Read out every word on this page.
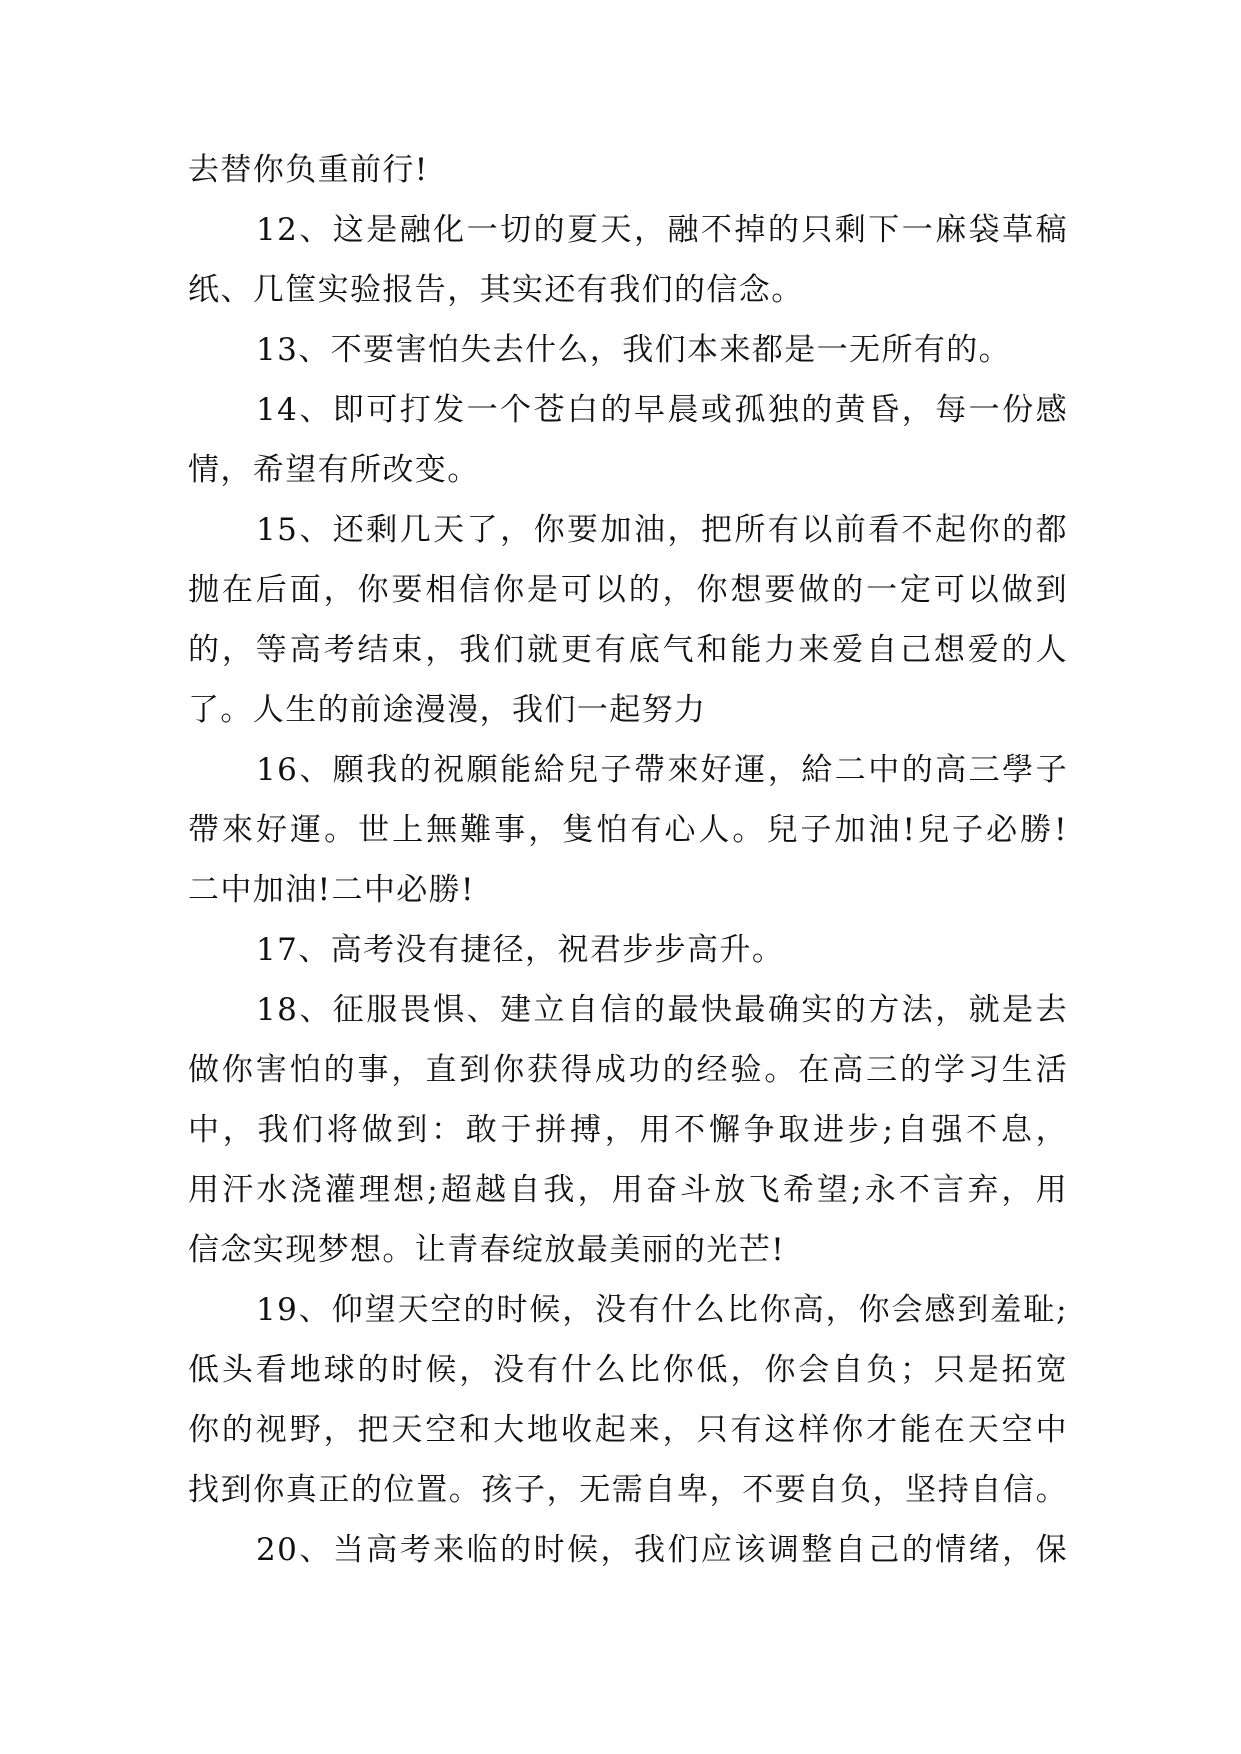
去替你负重前行!
12、这是融化一切的夏天，融不掉的只剩下一麻袋草稿
纸、几筐实验报告，其实还有我们的信念。
13、不要害怕失去什么，我们本来都是一无所有的。
14、即可打发一个苍白的早晨或孤独的黄昏，每一份感
情，希望有所改变。
15、还剩几天了，你要加油，把所有以前看不起你的都
抛在后面，你要相信你是可以的，你想要做的一定可以做到
的，等高考结束，我们就更有底气和能力来爱自己想爱的人
了。人生的前途漫漫，我们一起努力
16、願我的祝願能給兒子帶來好運，給二中的高三學子
帶來好運。世上無難事，隻怕有心人。兒子加油!兒子必勝!
二中加油!二中必勝!
17、高考没有捷径，祝君步步高升。
18、征服畏惧、建立自信的最快最确实的方法，就是去
做你害怕的事，直到你获得成功的经验。在高三的学习生活
中，我们将做到：敢于拼搏，用不懈争取进步;自强不息，
用汗水浇灌理想;超越自我，用奋斗放飞希望;永不言弃，用
信念实现梦想。让青春绽放最美丽的光芒!
19、仰望天空的时候，没有什么比你高，你会感到羞耻;
低头看地球的时候，没有什么比你低，你会自负；只是拓宽
你的视野，把天空和大地收起来，只有这样你才能在天空中
找到你真正的位置。孩子，无需自卑，不要自负，坚持自信。
20、当高考来临的时候，我们应该调整自己的情绪，保
